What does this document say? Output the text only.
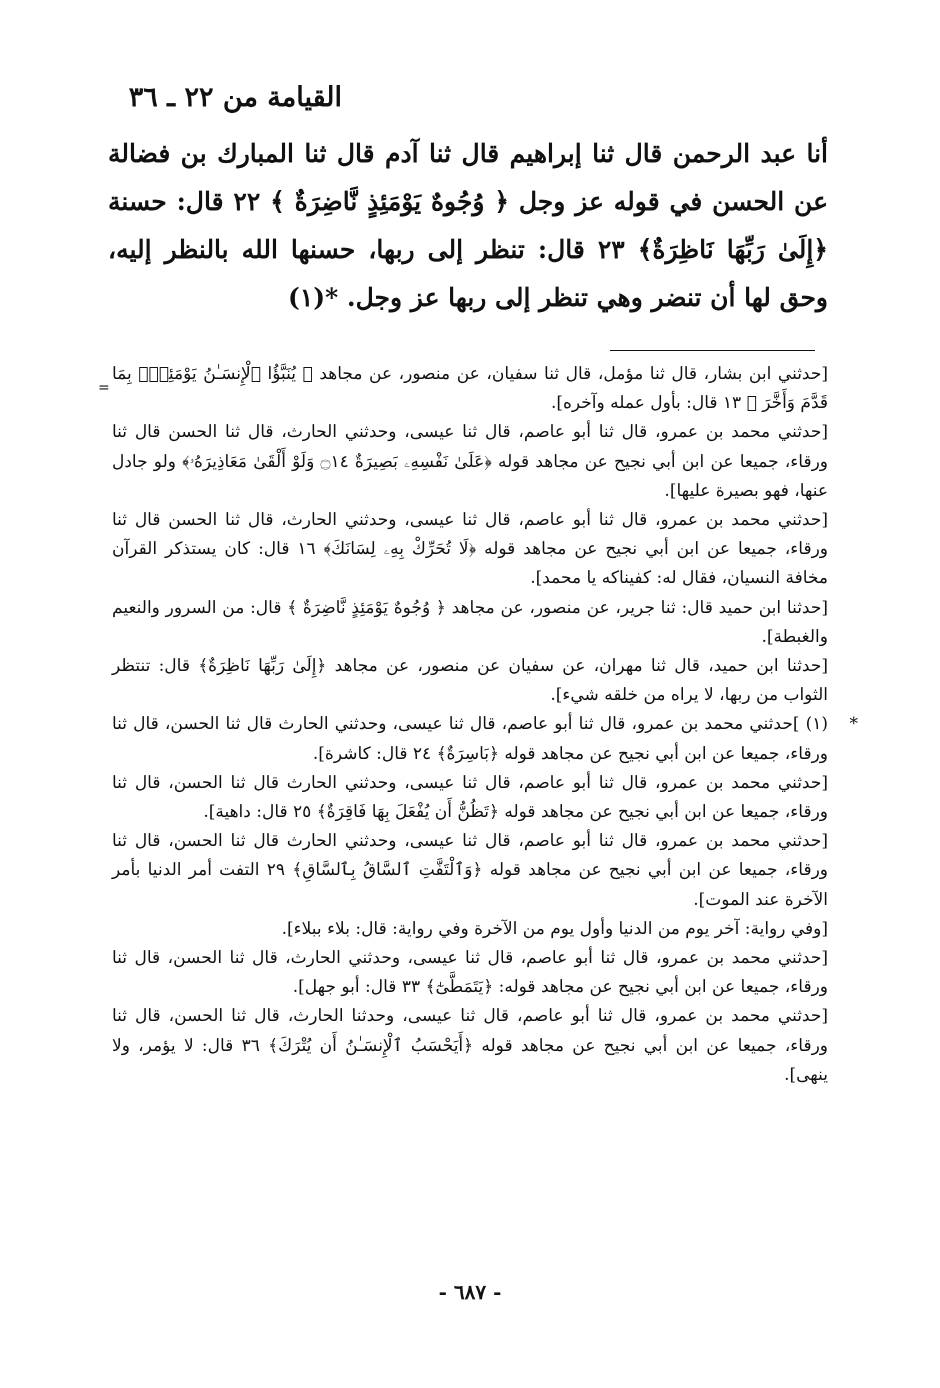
القيامة من ٢٢ ـ ٣٦

أنا عبد الرحمن قال ثنا إبراهيم قال ثنا آدم قال ثنا المبارك بن فضالة عن الحسن في قوله عز وجل ﴿ وُجُوهٌ يَوْمَئِذٍ نَّاضِرَةٌ ﴾ ٢٢ قال: حسنة ﴿إِلَىٰ رَبِّهَا نَاظِرَةٌ﴾ ٢٣ قال: تنظر إلى ربها، حسنها الله بالنظر إليه، وحق لها أن تنضر وهي تنظر إلى ربها عز وجل. *(١)

=

[حدثني ابن بشار، قال ثنا مؤمل، قال ثنا سفيان، عن منصور، عن مجاهد ﴿ يُنَبَّؤُا ٱلْإِنسَـٰنُ يَوْمَئِذٍۭ بِمَا قَدَّمَ وَأَخَّرَ ﴾ ١٣ قال: بأول عمله وآخره].

[حدثني محمد بن عمرو، قال ثنا أبو عاصم، قال ثنا عيسى، وحدثني الحارث، قال ثنا الحسن قال ثنا ورقاء، جميعا عن ابن أبي نجيح عن مجاهد قوله ﴿عَلَىٰ نَفْسِهِۦ بَصِيرَةٌ ۝١٤ وَلَوْ أَلْقَىٰ مَعَاذِيرَهُۥ﴾ ولو جادل عنها، فهو بصيرة عليها].

[حدثني محمد بن عمرو، قال ثنا أبو عاصم، قال ثنا عيسى، وحدثني الحارث، قال ثنا الحسن قال ثنا ورقاء، جميعا عن ابن أبي نجيح عن مجاهد قوله ﴿لَا تُحَرِّكْ بِهِۦ لِسَانَكَ﴾ ١٦ قال: كان يستذكر القرآن مخافة النسيان، فقال له: كفيناكه يا محمد].

[حدثنا ابن حميد قال: ثنا جرير، عن منصور، عن مجاهد ﴿ وُجُوهٌ يَوْمَئِذٍ نَّاضِرَةٌ ﴾ قال: من السرور والنعيم والغبطة].

[حدثنا ابن حميد، قال ثنا مهران، عن سفيان عن منصور، عن مجاهد ﴿إِلَىٰ رَبِّهَا نَاظِرَةٌ﴾ قال: تنتظر الثواب من ربها، لا يراه من خلقه شيء].

*

(١) ]حدثني محمد بن عمرو، قال ثنا أبو عاصم، قال ثنا عيسى، وحدثني الحارث قال ثنا الحسن، قال ثنا ورقاء، جميعا عن ابن أبي نجيح عن مجاهد قوله ﴿بَاسِرَةٌ﴾ ٢٤ قال: كاشرة].

[حدثني محمد بن عمرو، قال ثنا أبو عاصم، قال ثنا عيسى، وحدثني الحارث قال ثنا الحسن، قال ثنا ورقاء، جميعا عن ابن أبي نجيح عن مجاهد قوله ﴿تَظُنُّ أَن يُفْعَلَ بِهَا فَاقِرَةٌ﴾ ٢٥ قال: داهية].

[حدثني محمد بن عمرو، قال ثنا أبو عاصم، قال ثنا عيسى، وحدثني الحارث قال ثنا الحسن، قال ثنا ورقاء، جميعا عن ابن أبي نجيح عن مجاهد قوله ﴿وَٱلْتَفَّتِ ٱلسَّاقُ بِٱلسَّاقِ﴾ ٢٩ التفت أمر الدنيا بأمر الآخرة عند الموت].

[وفي رواية: آخر يوم من الدنيا وأول يوم من الآخرة وفي رواية: قال: بلاء ببلاء].

[حدثني محمد بن عمرو، قال ثنا أبو عاصم، قال ثنا عيسى، وحدثني الحارث، قال ثنا الحسن، قال ثنا ورقاء، جميعا عن ابن أبي نجيح عن مجاهد قوله: ﴿يَتَمَطَّىٰٓ﴾ ٣٣ قال: أبو جهل].

[حدثني محمد بن عمرو، قال ثنا أبو عاصم، قال ثنا عيسى، وحدثنا الحارث، قال ثنا الحسن، قال ثنا ورقاء، جميعا عن ابن أبي نجيح عن مجاهد قوله ﴿أَيَحْسَبُ ٱلْإِنسَـٰنُ أَن يُتْرَكَ﴾ ٣٦ قال: لا يؤمر، ولا ينهى].

- ٦٨٧ -
